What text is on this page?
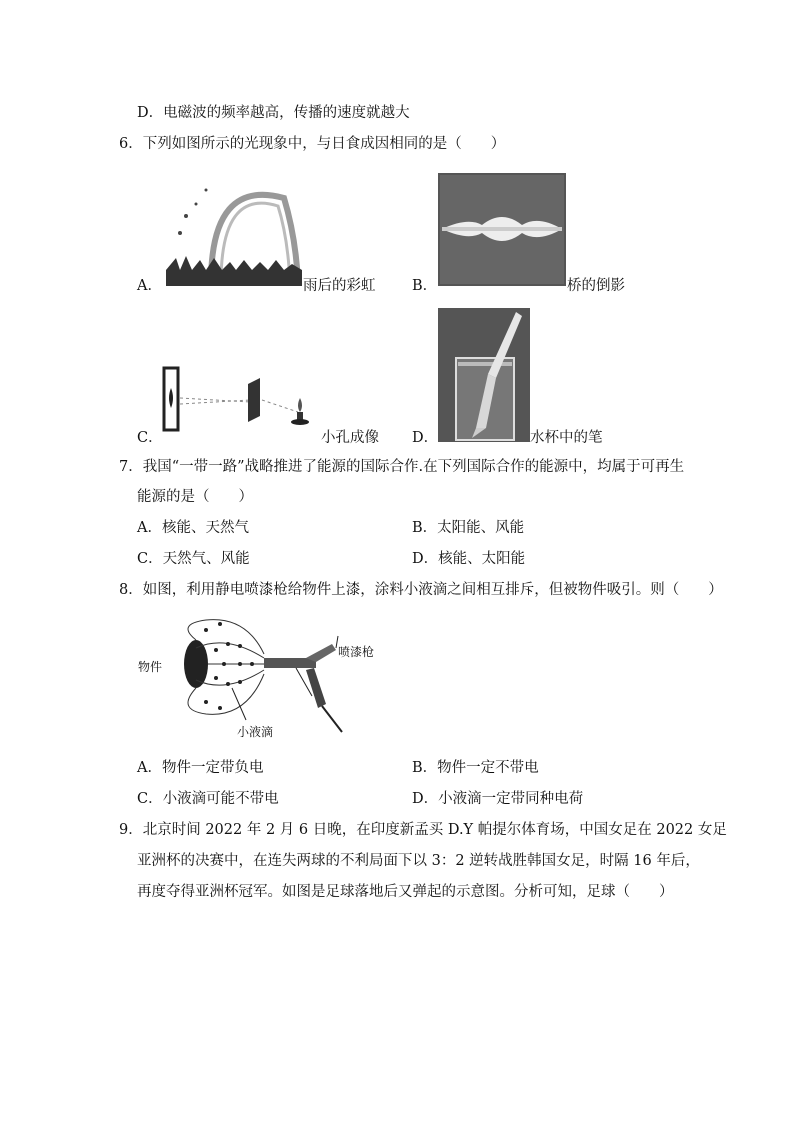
D．电磁波的频率越高，传播的速度就越大
6．下列如图所示的光现象中，与日食成因相同的是（　　）
A．	雨后的彩虹	B．	桥的倒影
C．	小孔成像 D．	水杯中的笔
7．我国“一带一路”战略推进了能源的国际合作.在下列国际合作的能源中，均属于可再生
能源的是（　　）
A．核能、天然气	B．太阳能、风能
C．天然气、风能	D．核能、太阳能
8．如图，利用静电喷漆枪给物件上漆，涂料小液滴之间相互排斥，但被物件吸引。则（　　）
物件
喷漆枪
小液滴
A．物件一定带负电	B．物件一定不带电
C．小液滴可能不带电	D．小液滴一定带同种电荷
9．北京时间 2022 年 2 月 6 日晚，在印度新孟买 D.Y 帕提尔体育场，中国女足在 2022 女足
亚洲杯的决赛中，在连失两球的不利局面下以 3：2 逆转战胜韩国女足，时隔 16 年后，
再度夺得亚洲杯冠军。如图是足球落地后又弹起的示意图。分析可知，足球（　　）
